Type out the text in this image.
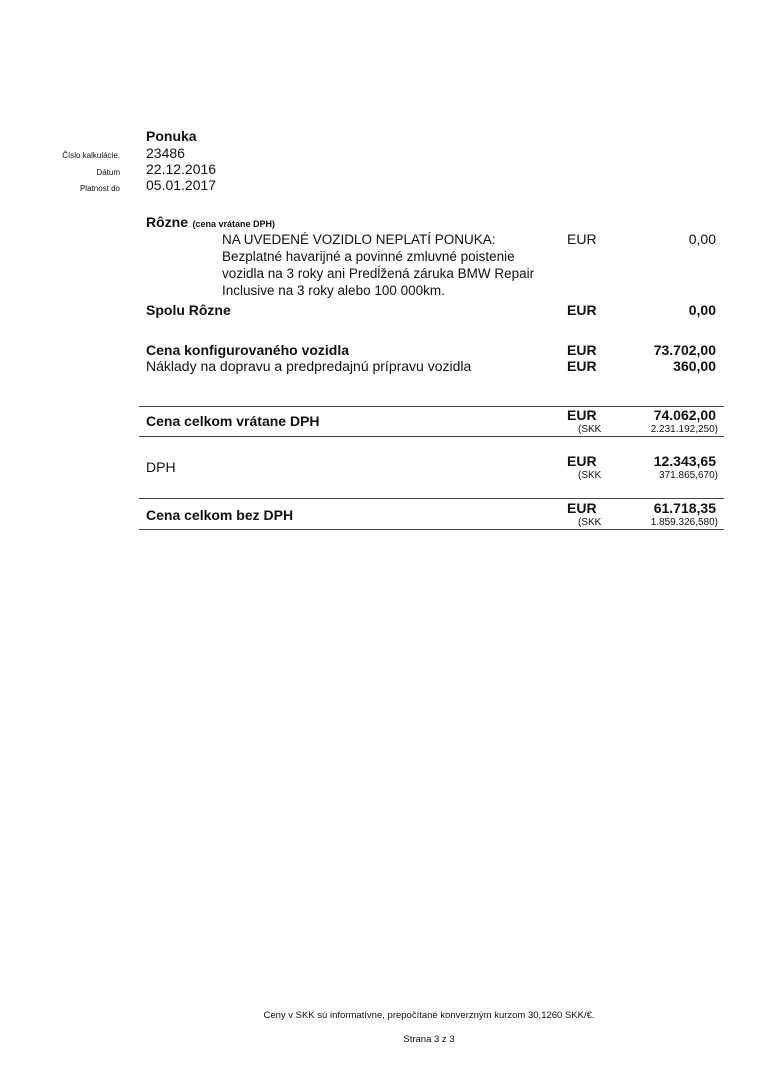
Ponuka
Číslo kalkulácie. 23486
Dátum 22.12.2016
Platnost do 05.01.2017
Rôzne (cena vrátane DPH)
NA UVEDENÉ VOZIDLO NEPLATÍ PONUKA:
Bezplatné havarijné a povinné zmluvné poistenie
vozidla na 3 roky ani Predĺžená záruka BMW Repair
Inclusive na 3 roky alebo 100 000km.
EUR	0,00
Spolu Rôzne	EUR	0,00
Cena konfigurovaného vozidla	EUR	73.702,00
Náklady na dopravu a predpredajnú prípravu vozidla	EUR	360,00
Cena celkom vrátane DPH	EUR	74.062,00
(SKK	2.231.192,250)
DPH	EUR	12.343,65
(SKK	371.865,670)
Cena celkom bez DPH	EUR	61.718,35
(SKK	1.859.326,580)
Ceny v SKK sú informatívne, prepočítané konverzným kurzom 30,1260 SKK/€.
Strana 3 z 3
